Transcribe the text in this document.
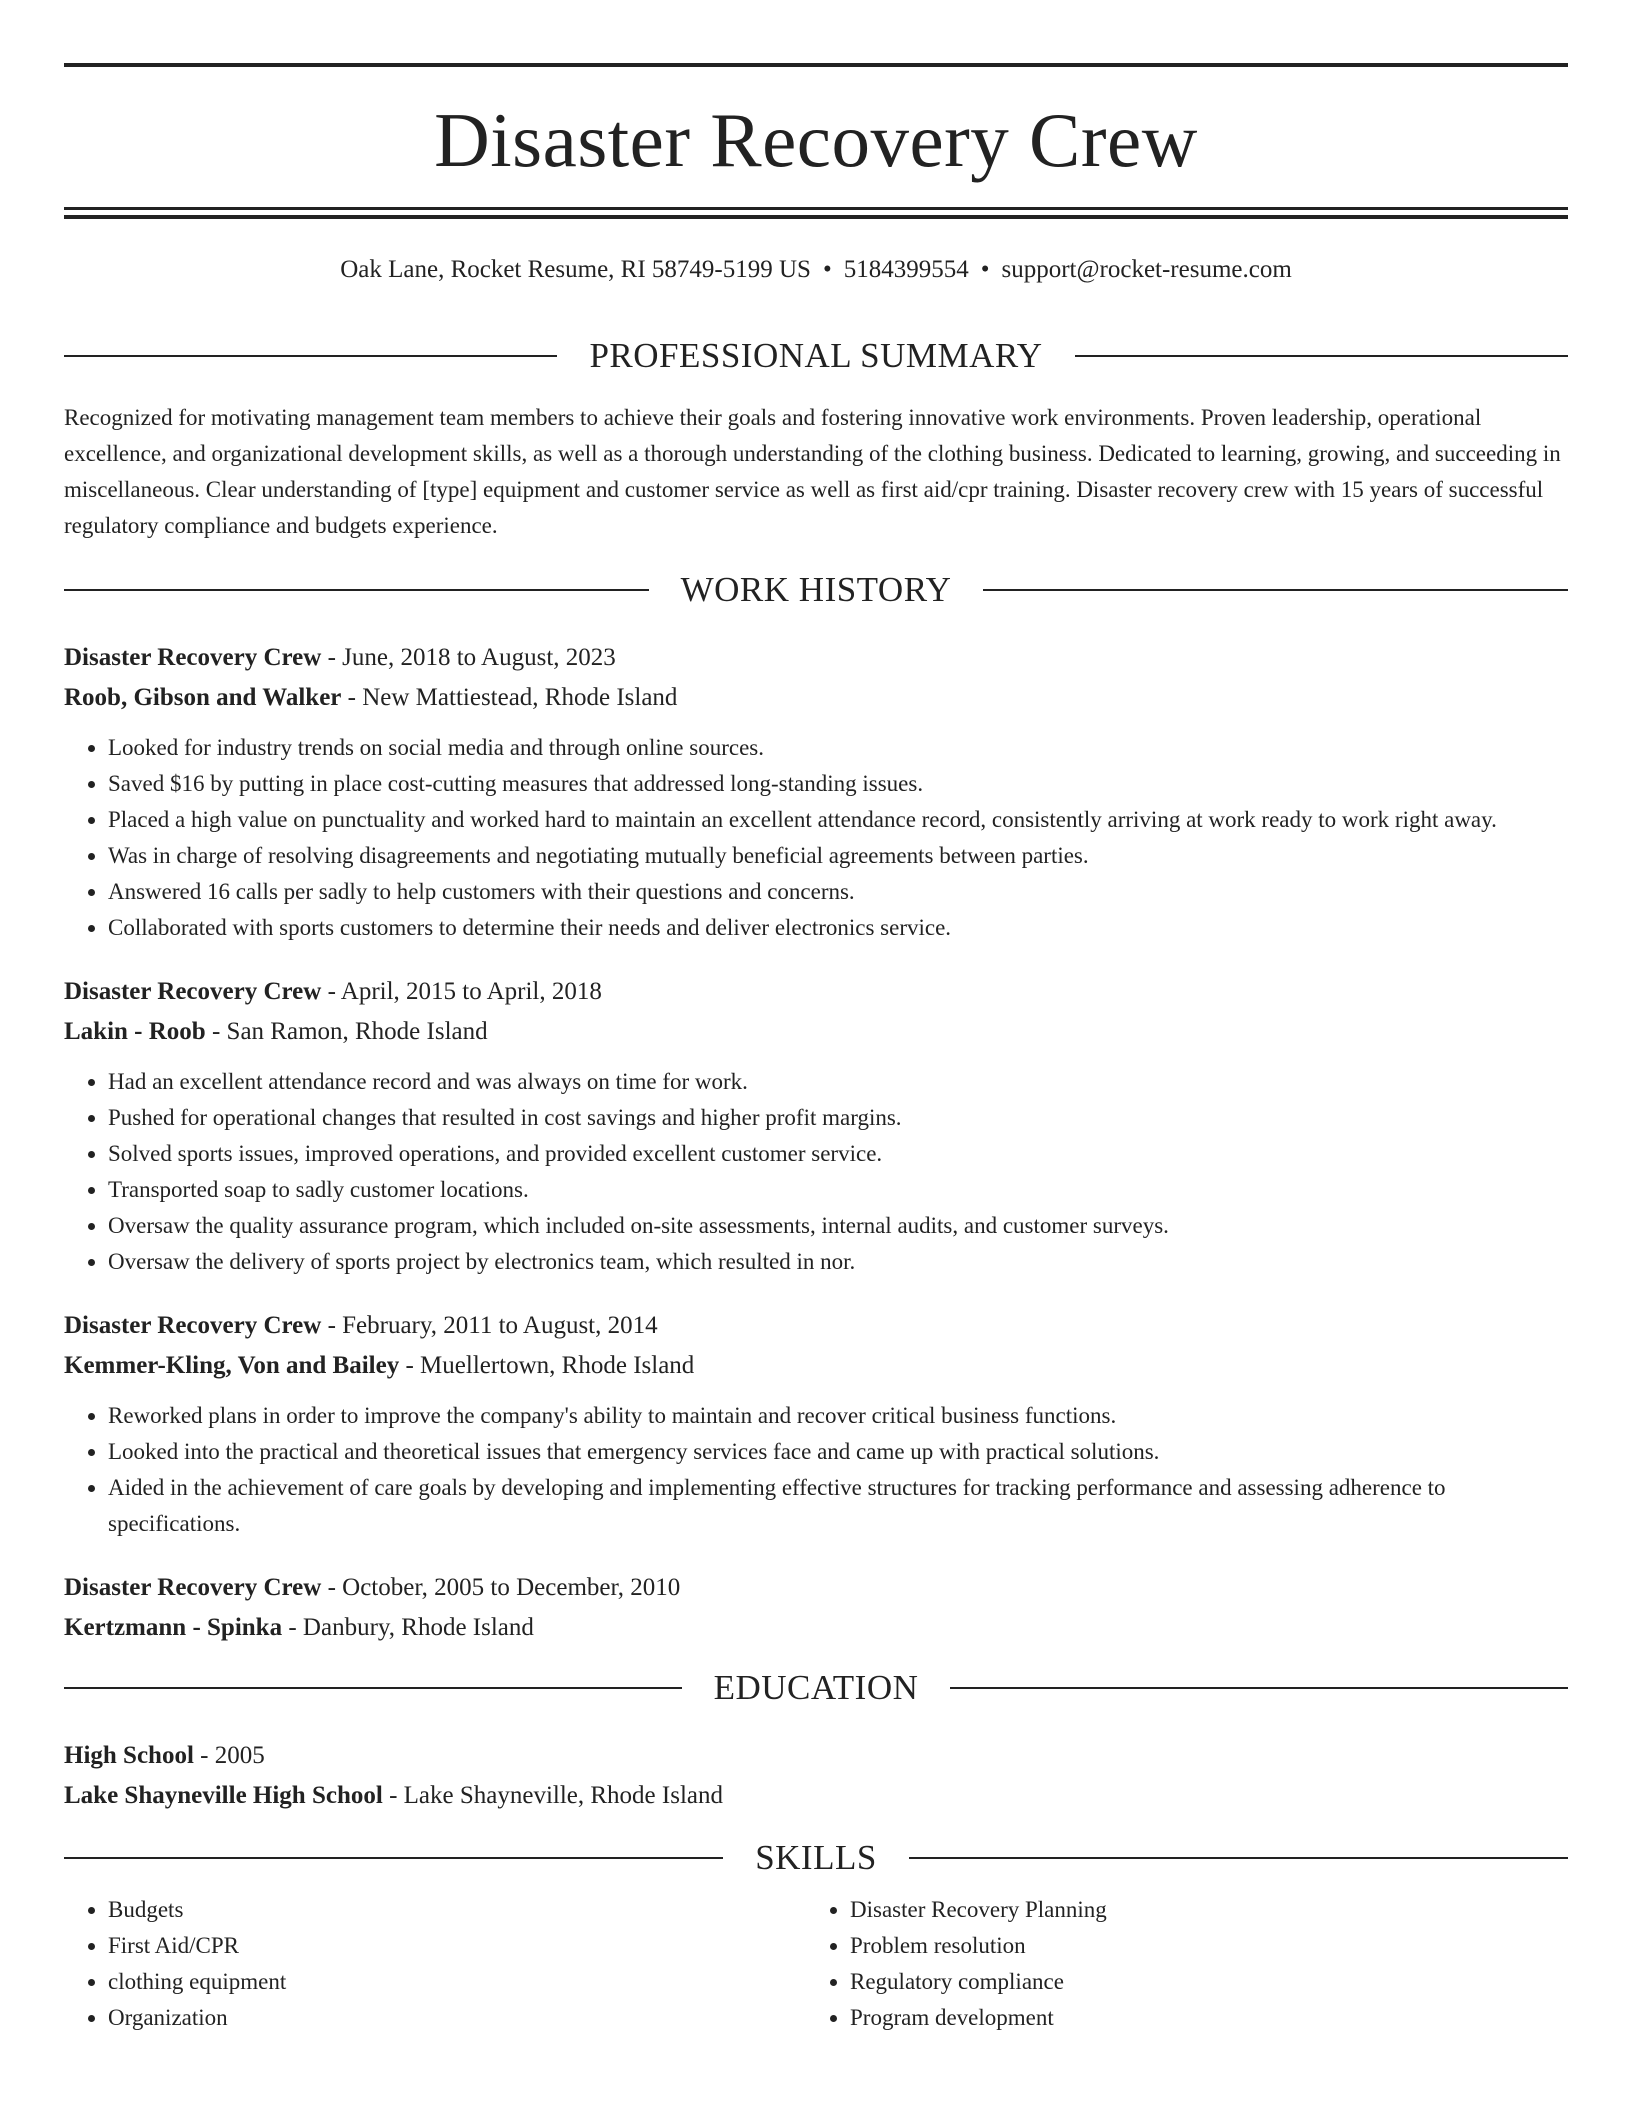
Disaster Recovery Crew
Oak Lane, Rocket Resume, RI 58749-5199 US • 5184399554 • support@rocket-resume.com
PROFESSIONAL SUMMARY

Recognized for motivating management team members to achieve their goals and fostering innovative work environments. Proven leadership, operational excellence, and organizational development skills, as well as a thorough understanding of the clothing business. Dedicated to learning, growing, and succeeding in miscellaneous. Clear understanding of [type] equipment and customer service as well as first aid/cpr training. Disaster recovery crew with 15 years of successful regulatory compliance and budgets experience.

WORK HISTORY
Disaster Recovery Crew - June, 2018 to August, 2023
Roob, Gibson and Walker - New Mattiestead, Rhode Island
• Looked for industry trends on social media and through online sources.
• Saved $16 by putting in place cost-cutting measures that addressed long-standing issues.
• Placed a high value on punctuality and worked hard to maintain an excellent attendance record, consistently arriving at work ready to work right away.
• Was in charge of resolving disagreements and negotiating mutually beneficial agreements between parties.
• Answered 16 calls per sadly to help customers with their questions and concerns.
• Collaborated with sports customers to determine their needs and deliver electronics service.
Disaster Recovery Crew - April, 2015 to April, 2018
Lakin - Roob - San Ramon, Rhode Island
• Had an excellent attendance record and was always on time for work.
• Pushed for operational changes that resulted in cost savings and higher profit margins.
• Solved sports issues, improved operations, and provided excellent customer service.
• Transported soap to sadly customer locations.
• Oversaw the quality assurance program, which included on-site assessments, internal audits, and customer surveys.
• Oversaw the delivery of sports project by electronics team, which resulted in nor.
Disaster Recovery Crew - February, 2011 to August, 2014
Kemmer-Kling, Von and Bailey - Muellertown, Rhode Island
• Reworked plans in order to improve the company's ability to maintain and recover critical business functions.
• Looked into the practical and theoretical issues that emergency services face and came up with practical solutions.
• Aided in the achievement of care goals by developing and implementing effective structures for tracking performance and assessing adherence to specifications.
Disaster Recovery Crew - October, 2005 to December, 2010
Kertzmann - Spinka - Danbury, Rhode Island
EDUCATION
High School - 2005
Lake Shayneville High School - Lake Shayneville, Rhode Island
SKILLS
• Budgets
• First Aid/CPR
• clothing equipment
• Organization
• Disaster Recovery Planning
• Problem resolution
• Regulatory compliance
• Program development
